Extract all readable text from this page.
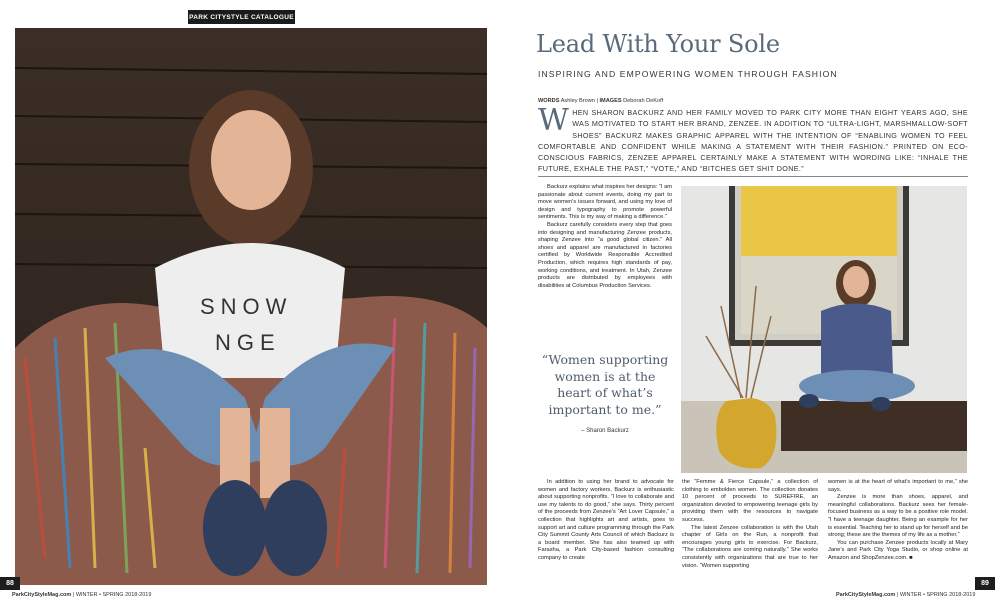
PARK CITYSTYLE CATALOGUE
SNOW
NGE
88
ParkCityStyleMag.com | WINTER • SPRING 2018-2019
Lead With Your Sole
INSPIRING AND EMPOWERING WOMEN THROUGH FASHION
WORDS Ashley Brown | IMAGES Deborah DeKoff
W HEN SHARON BACKURZ AND HER FAMILY MOVED TO PARK CITY MORE THAN EIGHT YEARS AGO, SHE WAS MOTIVATED TO START HER BRAND, ZENZEE. IN ADDITION TO “ULTRA-LIGHT, MARSHMALLOW-SOFT SHOES” BACKURZ MAKES GRAPHIC APPAREL WITH THE INTENTION OF “ENABLING WOMEN TO FEEL COMFORTABLE AND CONFIDENT WHILE MAKING A STATEMENT WITH THEIR FASHION.” PRINTED ON ECO-CONSCIOUS FABRICS, ZENZEE APPAREL CERTAINLY MAKE A STATEMENT WITH WORDING LIKE: “INHALE THE FUTURE, EXHALE THE PAST,” “VOTE,” AND “BITCHES GET SHIT DONE.”

Backurz explains what inspires her designs: “I am passionate about current events, doing my part to move women’s issues forward, and using my love of design and typography to promote powerful sentiments. This is my way of making a difference.”

Backurz carefully considers every step that goes into designing and manufacturing Zenzee products, shaping Zenzee into “a good global citizen.” All shoes and apparel are manufactured in factories certified by Worldwide Responsible Accredited Production, which requires high standards of pay, working conditions, and treatment. In Utah, Zenzee products are distributed by employees with disabilities at Columbus Production Services.

“Women supporting women is at the heart of what’s important to me.”
– Sharon Backurz

In addition to using her brand to advocate for women and factory workers, Backurz is enthusiastic about supporting nonprofits. “I love to collaborate and use my talents to do good,” she says. Thirty percent of the proceeds from Zenzee’s “Art Lover Capsule,” a collection that highlights art and artists, goes to support art and culture programming through the Park City Summit County Arts Council of which Backurz is a board member. She has also teamed up with Farasha, a Park City-based fashion consulting company to create

the “Femme & Fierce Capsule,” a collection of clothing to embolden women. The collection donates 10 percent of proceeds to SUREFIRE, an organization devoted to empowering teenage girls by providing them with the resources to navigate success.

The latest Zenzee collaboration is with the Utah chapter of Girls on the Run, a nonprofit that encourages young girls to exercise. For Backurz, “The collaborations are coming naturally.” She works consistently with organizations that are true to her vision. “Women supporting

women is at the heart of what’s important to me,” she says.

Zenzee is more than shoes, apparel, and meaningful collaborations. Backurz sees her female-focused business as a way to be a positive role model. “I have a teenage daughter. Being an example for her is essential. Teaching her to stand up for herself and be strong; these are the themes of my life as a mother.”

You can purchase Zenzee products locally at Mary Jane’s and Park City Yoga Studio, or shop online at Amazon and ShopZenzee.com. ■

89
ParkCityStyleMag.com | WINTER • SPRING 2018-2019
